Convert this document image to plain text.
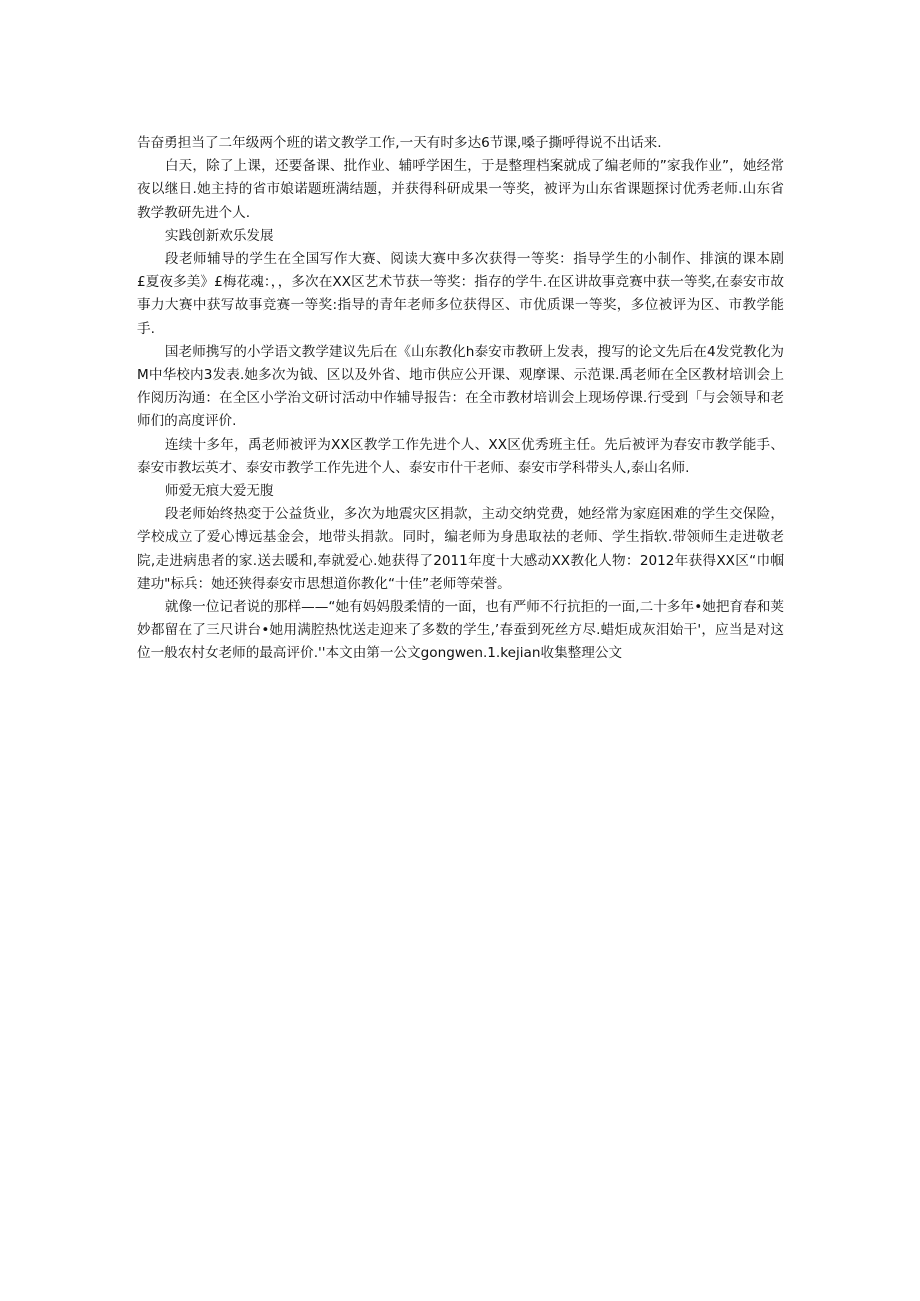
告奋勇担当了二年级两个班的诺文教学工作,一天有时多达6节课,嗓子撕呼得说不出话来.

白天，除了上课，还要备课、批作业、辅呼学困生，于是整理档案就成了编老师的”家我作业”，她经常夜以继日.她主持的省市娘诺题班满结题，并获得科研成果一等奖，被评为山东省课题探讨优秀老师.山东省教学教研先进个人.

实践创新欢乐发展

段老师辅导的学生在全国写作大赛、阅读大赛中多次获得一等奖：指导学生的小制作、排演的课本剧£夏夜多美》£梅花魂：，，多次在XX区艺术节获一等奖：指存的学牛.在区讲故事竞赛中获一等奖,在泰安市故事力大赛中获写故事竞赛一等奖:指导的青年老师多位获得区、市优质课一等奖，多位被评为区、市教学能手.

国老师携写的小学语文教学建议先后在《山东教化h泰安市教研上发表，搜写的论文先后在4发党教化为M中华校内3发表.她多次为钺、区以及外省、地市供应公开课、观摩课、示范课.禹老师在全区教材培训会上作阅历沟通：在全区小学治文研讨活动中作辅导报告：在全市教材培训会上现场停课.行受到「与会领导和老师们的高度评价.

连续十多年，禹老师被评为XX区教学工作先进个人、XX区优秀班主任。先后被评为春安市教学能手、泰安市教坛英才、泰安市教学工作先进个人、泰安市什干老师、泰安市学科带头人,泰山名师.

师爱无痕大爱无腹

段老师始终热変于公益货业，多次为地震灾区捐款，主动交纳党费，她经常为家庭困难的学生交保险，学校成立了爱心博远基金会，地带头捐款。同时，编老师为身患取祛的老师、学生指软.带领师生走进敬老院,走进病患者的家.送去暖和,奉就爱心.她获得了2011年度十大感动XX教化人物：2012年获得XX区“巾帼建功"标兵：她还狭得泰安市思想道你教化“十佳”老师等荣誉。

就像一位记者说的那样——“她有妈妈殷柔情的一面，也有严师不行抗拒的一面,二十多年•她把育春和荚妙都留在了三尺讲台•她用满腔热忱送走迎来了多数的学生,’春蚕到死丝方尽.蜡炬成灰泪始干'，应当是对这位一般农村女老师的最高评价.''本文由第一公文gongwen.1.kejian收集整理公文
